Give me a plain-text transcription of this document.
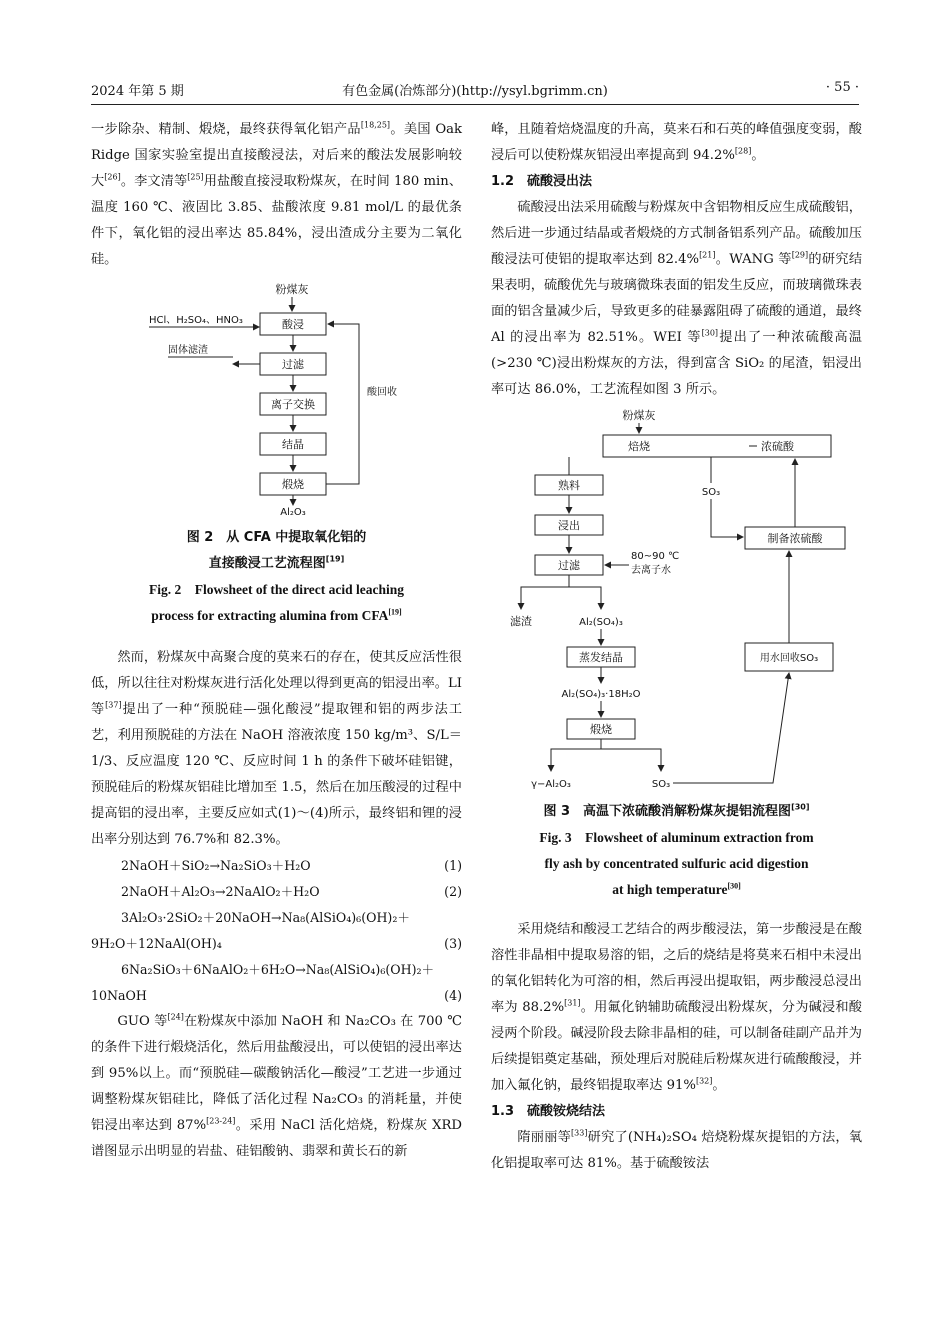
2024 年第 5 期	有色金属(冶炼部分)(http://ysyl.bgrimm.cn)	· 55 ·

一步除杂、精制、煅烧，最终获得氧化铝产品[18,25]。美国 Oak Ridge 国家实验室提出直接酸浸法，对后来的酸法发展影响较大[26]。李文清等[25]用盐酸直接浸取粉煤灰，在时间 180 min、温度 160 ℃、液固比 3.85、盐酸浓度 9.81 mol/L 的最优条件下，氧化铝的浸出率达 85.84%，浸出渣成分主要为二氧化硅。

粉煤灰
HCl、H₂SO₄、HNO₃	酸浸
过滤
固体滤渣
离子交换
结晶
煅烧
Al₂O₃
酸回收
图 2　从 CFA 中提取氧化铝的
直接酸浸工艺流程图[19]
Fig. 2　Flowsheet of the direct acid leaching
process for extracting alumina from CFA[19]

然而，粉煤灰中高聚合度的莫来石的存在，使其反应活性很低，所以往往对粉煤灰进行活化处理以得到更高的铝浸出率。LI 等[37]提出了一种“预脱硅—强化酸浸”提取锂和铝的两步法工艺，利用预脱硅的方法在 NaOH 溶液浓度 150 kg/m³、S/L＝1/3、反应温度 120 ℃、反应时间 1 h 的条件下破坏硅铝键，预脱硅后的粉煤灰铝硅比增加至 1.5，然后在加压酸浸的过程中提高铝的浸出率，主要反应如式(1)～(4)所示，最终铝和锂的浸出率分别达到 76.7%和 82.3%。

2NaOH＋SiO₂→Na₂SiO₃＋H₂O	(1)
2NaOH＋Al₂O₃→2NaAlO₂＋H₂O	(2)
3Al₂O₃·2SiO₂＋20NaOH→Na₈(AlSiO₄)₆(OH)₂＋
9H₂O＋12NaAl(OH)₄	(3)
6Na₂SiO₃＋6NaAlO₂＋6H₂O→Na₈(AlSiO₄)₆(OH)₂＋
10NaOH	(4)

GUO 等[24]在粉煤灰中添加 NaOH 和 Na₂CO₃ 在 700 ℃的条件下进行煅烧活化，然后用盐酸浸出，可以使铝的浸出率达到 95%以上。而“预脱硅—碳酸钠活化—酸浸”工艺进一步通过调整粉煤灰铝硅比，降低了活化过程 Na₂CO₃ 的消耗量，并使铝浸出率达到 87%[23-24]。采用 NaCl 活化焙烧，粉煤灰 XRD 谱图显示出明显的岩盐、硅铝酸钠、翡翠和黄长石的新

峰，且随着焙烧温度的升高，莫来石和石英的峰值强度变弱，酸浸后可以使粉煤灰铝浸出率提高到 94.2%[28]。

1.2　硫酸浸出法

硫酸浸出法采用硫酸与粉煤灰中含铝物相反应生成硫酸铝，然后进一步通过结晶或者煅烧的方式制备铝系列产品。硫酸加压酸浸法可使铝的提取率达到 82.4%[21]。WANG 等[29]的研究结果表明，硫酸优先与玻璃微珠表面的铝发生反应，而玻璃微珠表面的铝含量减少后，导致更多的硅暴露阻碍了硫酸的通道，最终 Al 的浸出率为 82.51%。WEI 等[30]提出了一种浓硫酸高温(>230 ℃)浸出粉煤灰的方法，得到富含 SiO₂ 的尾渣，铝浸出率可达 86.0%，工艺流程如图 3 所示。

粉煤灰
焙烧	浓硫酸
熟料
SO₃
浸出
制备浓硫酸
过滤
80~90 ℃
去离子水
滤渣	Al₂(SO₄)₃
蒸发结晶	用水回收SO₃
Al₂(SO₄)₃·18H₂O
煅烧
γ−Al₂O₃	SO₃
图 3　高温下浓硫酸消解粉煤灰提铝流程图[30]
Fig. 3　Flowsheet of aluminum extraction from
fly ash by concentrated sulfuric acid digestion
at high temperature[30]

采用烧结和酸浸工艺结合的两步酸浸法，第一步酸浸是在酸溶性非晶相中提取易溶的铝，之后的烧结是将莫来石相中未浸出的氧化铝转化为可溶的相，然后再浸出提取铝，两步酸浸总浸出率为 88.2%[31]。用氟化钠辅助硫酸浸出粉煤灰，分为碱浸和酸浸两个阶段。碱浸阶段去除非晶相的硅，可以制备硅副产品并为后续提铝奠定基础，预处理后对脱硅后粉煤灰进行硫酸酸浸，并加入氟化钠，最终铝提取率达 91%[32]。

1.3　硫酸铵烧结法

隋丽丽等[33]研究了(NH₄)₂SO₄ 焙烧粉煤灰提铝的方法，氧化铝提取率可达 81%。基于硫酸铵法
